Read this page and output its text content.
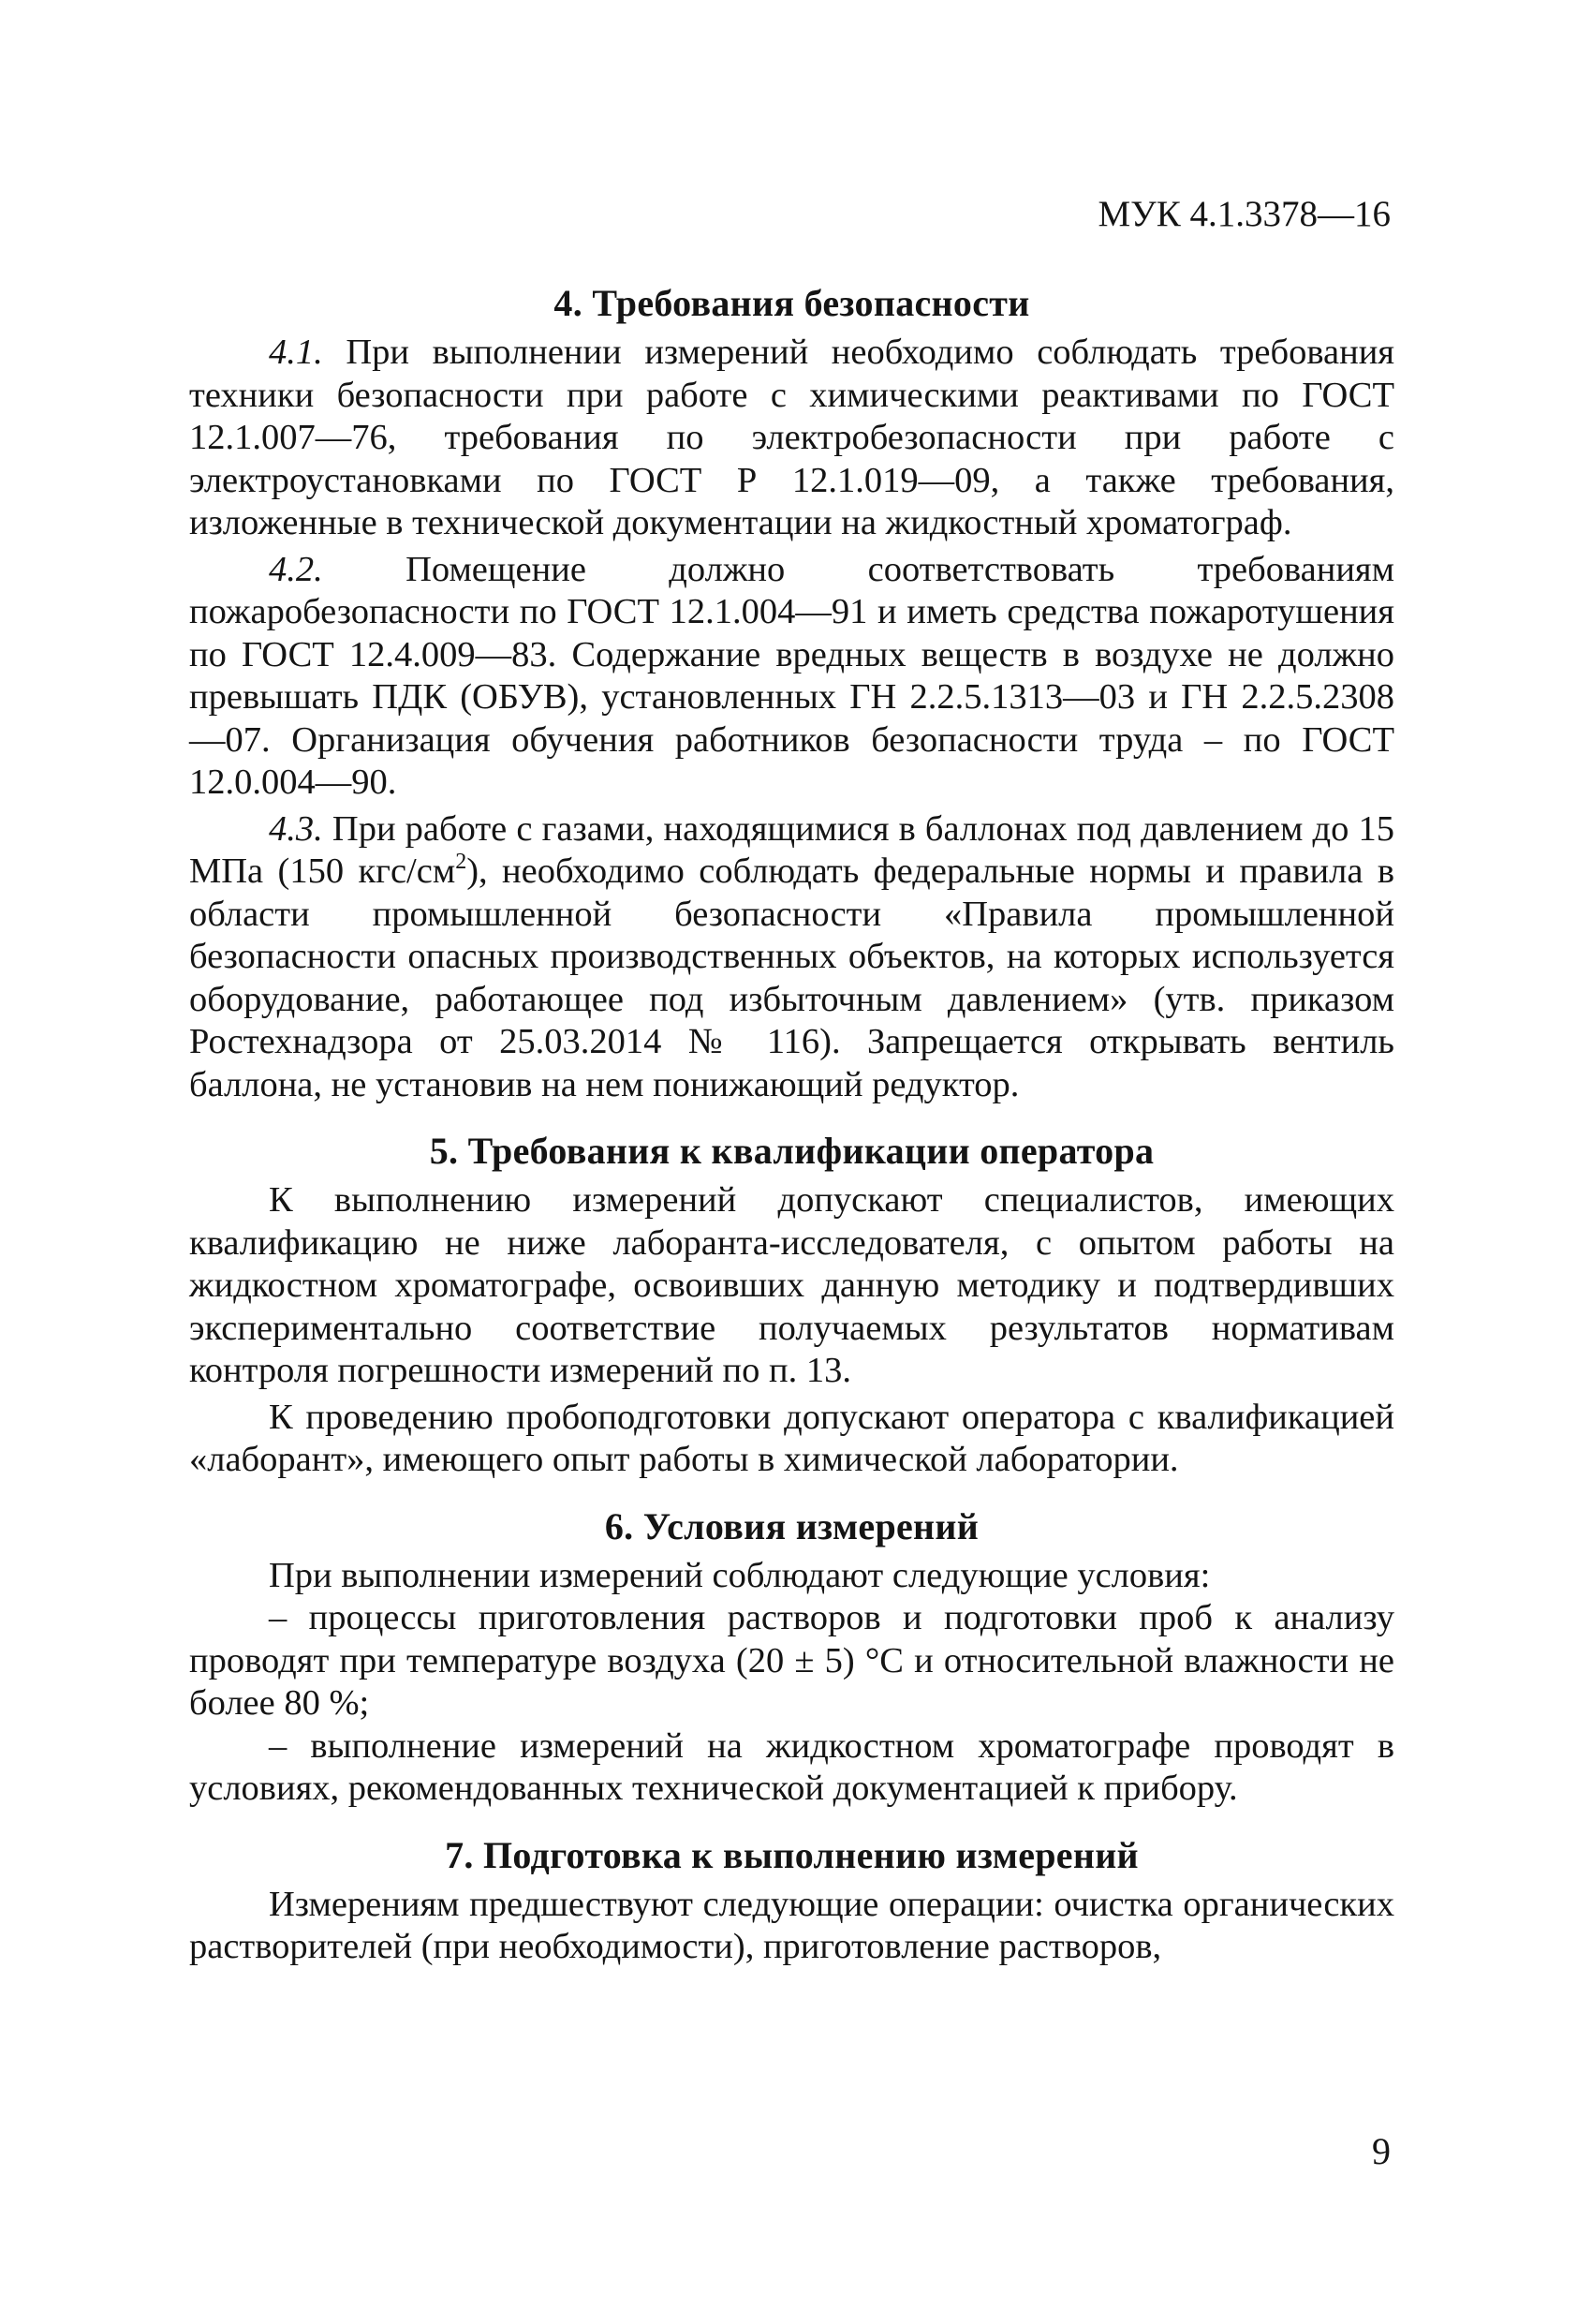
МУК 4.1.3378—16
4. Требования безопасности

4.1. При выполнении измерений необходимо соблюдать требования техники безопасности при работе с химическими реактивами по ГОСТ 12.1.007—76, требования по электробезопасности при работе с электроустановками по ГОСТ Р 12.1.019—09, а также требования, изложенные в технической документации на жидкостный хроматограф.

4.2. Помещение должно соответствовать требованиям пожаробезопасности по ГОСТ 12.1.004—91 и иметь средства пожаротушения по ГОСТ 12.4.009—83. Содержание вредных веществ в воздухе не должно превышать ПДК (ОБУВ), установленных ГН 2.2.5.1313—03 и ГН 2.2.5.2308—07. Организация обучения работников безопасности труда – по ГОСТ 12.0.004—90.

4.3. При работе с газами, находящимися в баллонах под давлением до 15 МПа (150 кгс/$см^2$), необходимо соблюдать федеральные нормы и правила в области промышленной безопасности «Правила промышленной безопасности опасных производственных объектов, на которых используется оборудование, работающее под избыточным давлением» (утв. приказом Ростехнадзора от 25.03.2014 № 116). Запрещается открывать вентиль баллона, не установив на нем понижающий редуктор.

5. Требования к квалификации оператора

К выполнению измерений допускают специалистов, имеющих квалификацию не ниже лаборанта-исследователя, с опытом работы на жидкостном хроматографе, освоивших данную методику и подтвердивших экспериментально соответствие получаемых результатов нормативам контроля погрешности измерений по п. 13.

К проведению пробоподготовки допускают оператора с квалификацией «лаборант», имеющего опыт работы в химической лаборатории.

6. Условия измерений

При выполнении измерений соблюдают следующие условия:

– процессы приготовления растворов и подготовки проб к анализу проводят при температуре воздуха (20 ± 5) °С и относительной влажности не более 80 %;

– выполнение измерений на жидкостном хроматографе проводят в условиях, рекомендованных технической документацией к прибору.

7. Подготовка к выполнению измерений

Измерениям предшествуют следующие операции: очистка органических растворителей (при необходимости), приготовление растворов,

9
